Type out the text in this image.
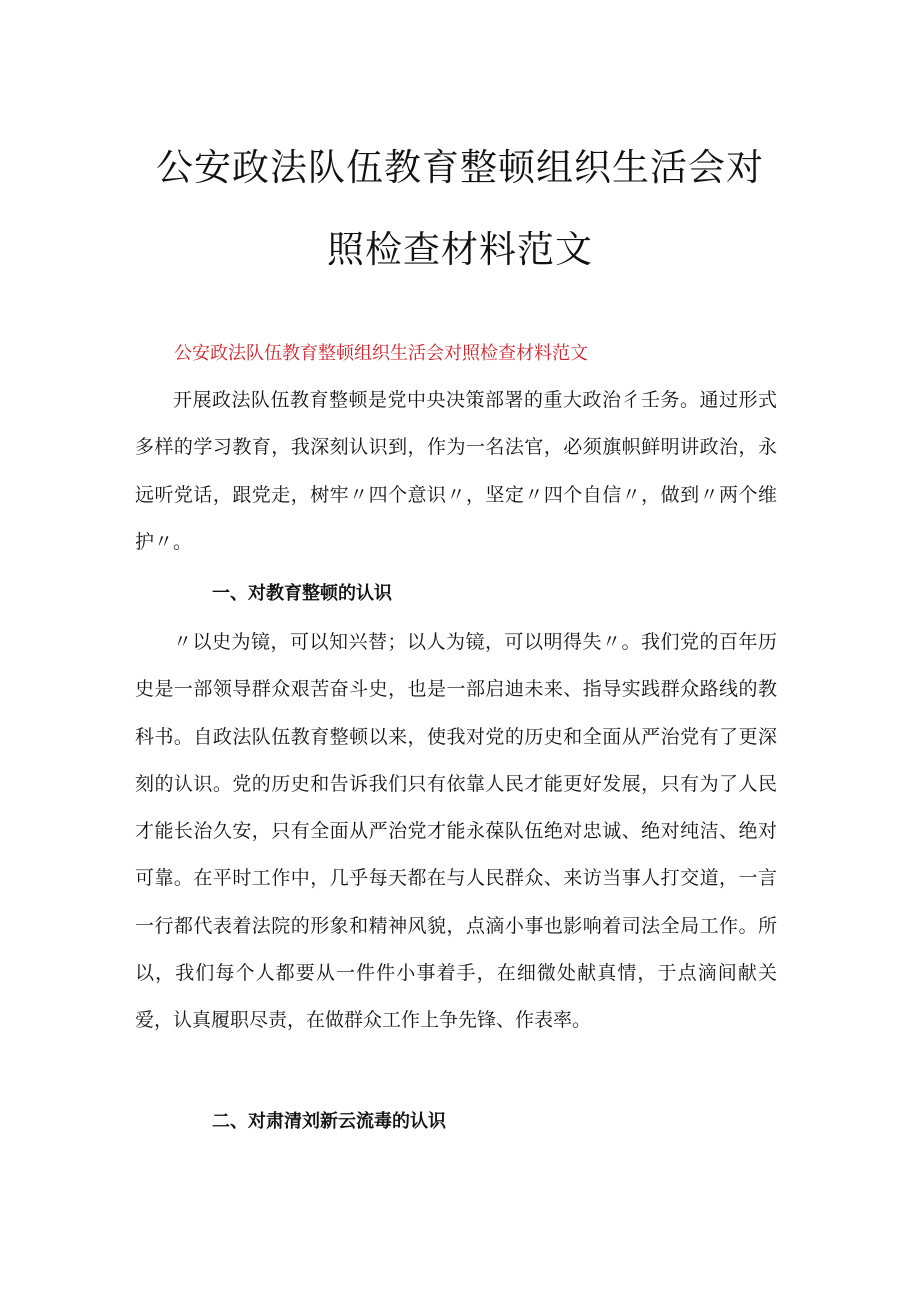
公安政法队伍教育整顿组织生活会对
照检查材料范文

公安政法队伍教育整顿组织生活会对照检查材料范文

开展政法队伍教育整顿是党中央决策部署的重大政治彳壬务。通过形式多样的学习教育，我深刻认识到，作为一名法官，必须旗帜鲜明讲政治，永远听党话，跟党走，树牢〃四个意识〃，坚定〃四个自信〃，做到〃两个维护〃。

一、对教育整顿的认识

〃以史为镜，可以知兴替；以人为镜，可以明得失〃。我们党的百年历史是一部领导群众艰苦奋斗史，也是一部启迪未来、指导实践群众路线的教科书。自政法队伍教育整顿以来，使我对党的历史和全面从严治党有了更深刻的认识。党的历史和告诉我们只有依靠人民才能更好发展，只有为了人民才能长治久安，只有全面从严治党才能永葆队伍绝对忠诚、绝对纯洁、绝对可靠。在平时工作中，几乎每天都在与人民群众、来访当事人打交道，一言一行都代表着法院的形象和精神风貌，点滴小事也影响着司法全局工作。所以，我们每个人都要从一件件小事着手，在细微处献真情，于点滴间献关爱，认真履职尽责，在做群众工作上争先锋、作表率。

二、对肃清刘新云流毒的认识
